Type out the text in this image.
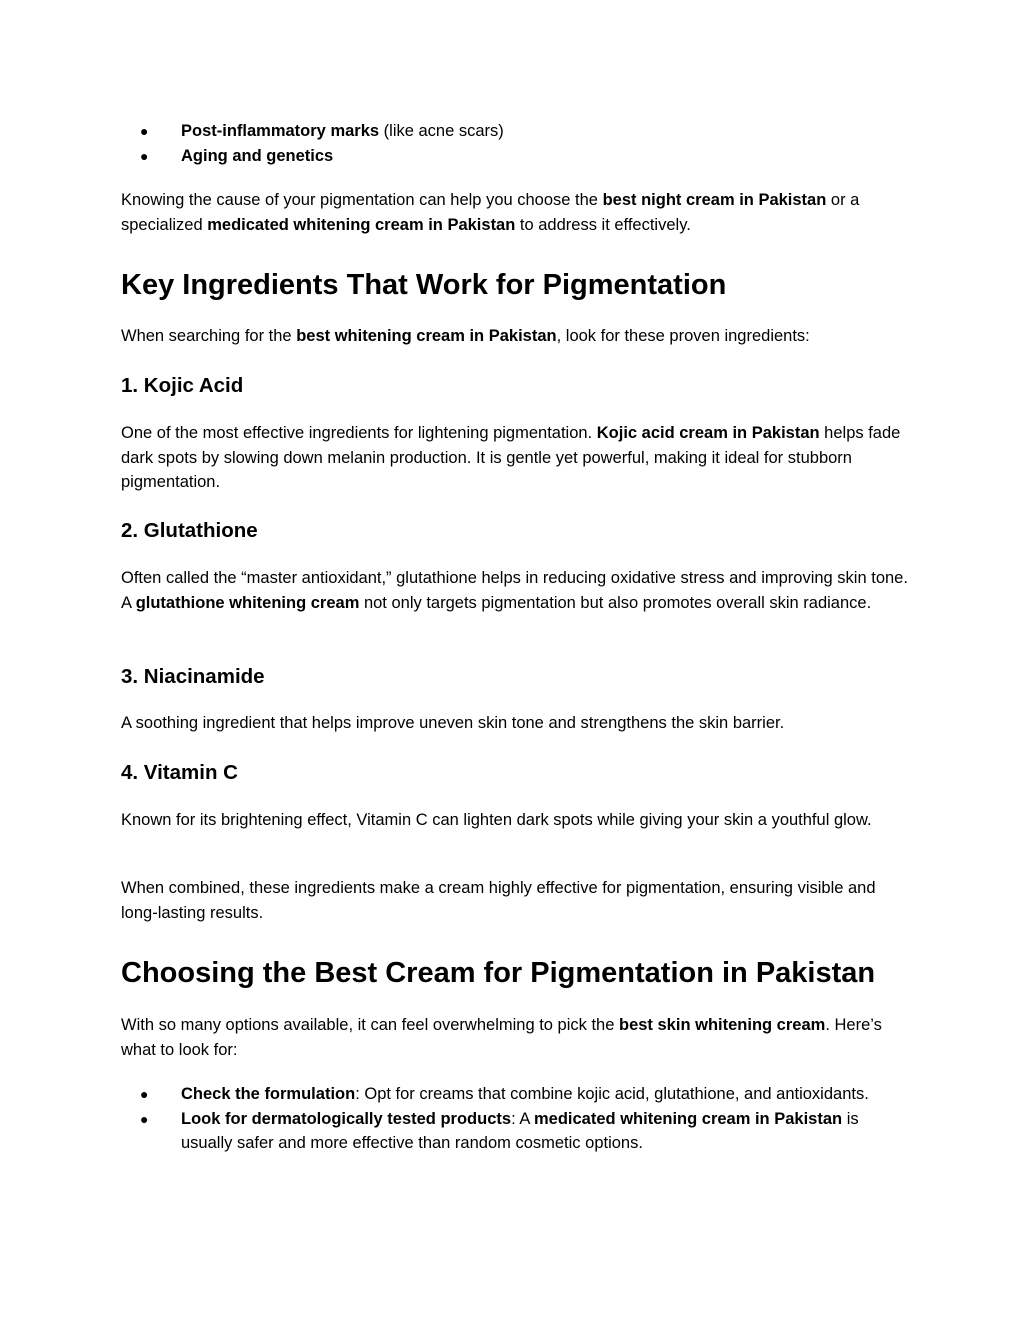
● Post-inflammatory marks (like acne scars)
● Aging and genetics

Knowing the cause of your pigmentation can help you choose the best night cream in Pakistan or a specialized medicated whitening cream in Pakistan to address it effectively.

Key Ingredients That Work for Pigmentation

When searching for the best whitening cream in Pakistan, look for these proven ingredients:

1. Kojic Acid

One of the most effective ingredients for lightening pigmentation. Kojic acid cream in Pakistan helps fade dark spots by slowing down melanin production. It is gentle yet powerful, making it ideal for stubborn pigmentation.

2. Glutathione

Often called the “master antioxidant,” glutathione helps in reducing oxidative stress and improving skin tone. A glutathione whitening cream not only targets pigmentation but also promotes overall skin radiance.

3. Niacinamide

A soothing ingredient that helps improve uneven skin tone and strengthens the skin barrier.

4. Vitamin C

Known for its brightening effect, Vitamin C can lighten dark spots while giving your skin a youthful glow.

When combined, these ingredients make a cream highly effective for pigmentation, ensuring visible and long-lasting results.

Choosing the Best Cream for Pigmentation in Pakistan

With so many options available, it can feel overwhelming to pick the best skin whitening cream. Here’s what to look for:

● Check the formulation: Opt for creams that combine kojic acid, glutathione, and antioxidants.
● Look for dermatologically tested products: A medicated whitening cream in Pakistan is usually safer and more effective than random cosmetic options.
